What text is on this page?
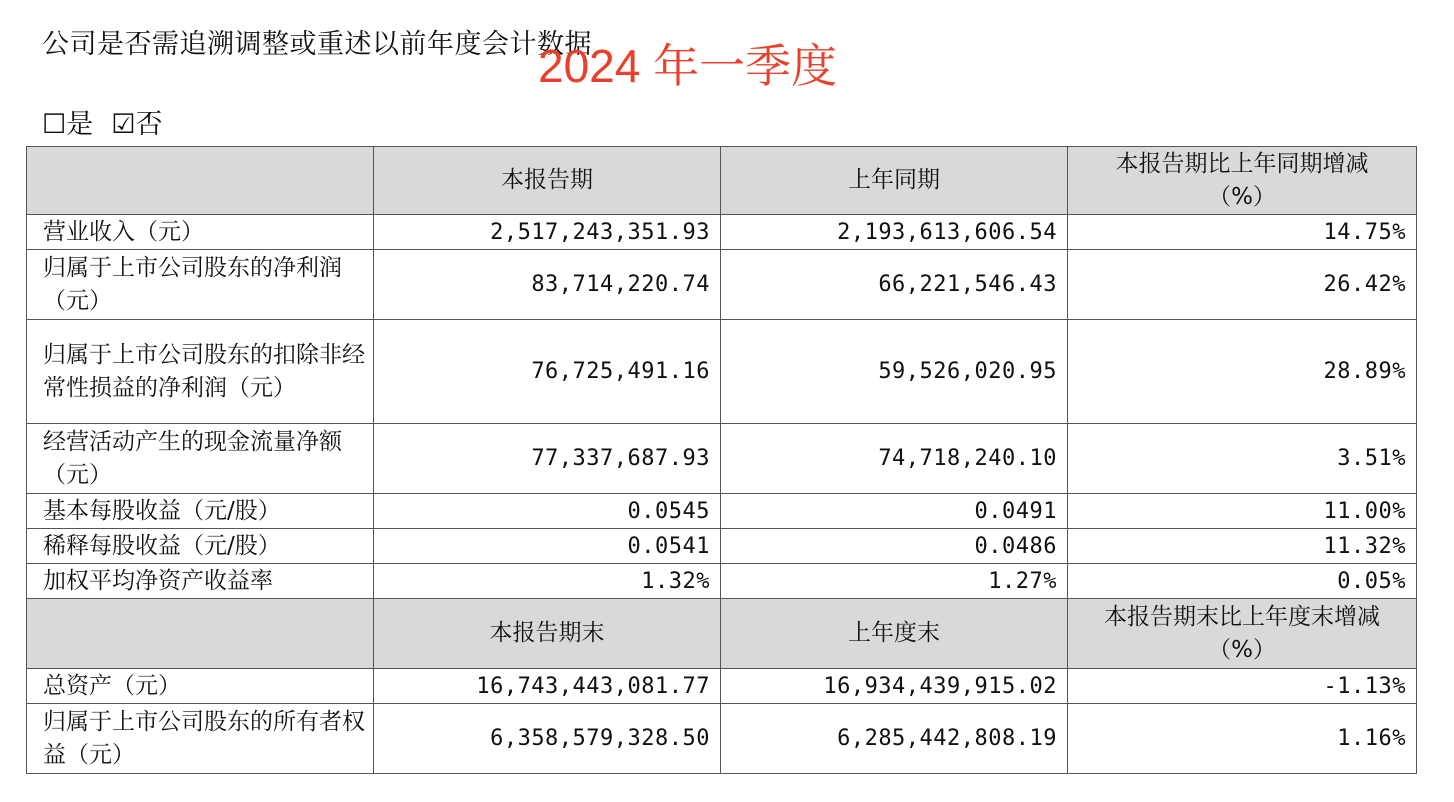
公司是否需追溯调整或重述以前年度会计数据
2024 年一季度
☐是 ☑否
	本报告期	上年同期	本报告期比上年同期增减
（%）

营业收入（元）	2,517,243,351.93	2,193,613,606.54	14.75%
归属于上市公司股东的净利润（元）	83,714,220.74	66,221,546.43	26.42%
归属于上市公司股东的扣除非经常性损益的净利润（元）	76,725,491.16	59,526,020.95	28.89%
经营活动产生的现金流量净额（元）	77,337,687.93	74,718,240.10	3.51%
基本每股收益（元/股）	0.0545	0.0491	11.00%
稀释每股收益（元/股）	0.0541	0.0486	11.32%
加权平均净资产收益率	1.32%	1.27%	0.05%
	本报告期末	上年度末	本报告期末比上年度末增减
（%）

总资产（元）	16,743,443,081.77	16,934,439,915.02	-1.13%
归属于上市公司股东的所有者权益（元）	6,358,579,328.50	6,285,442,808.19	1.16%
